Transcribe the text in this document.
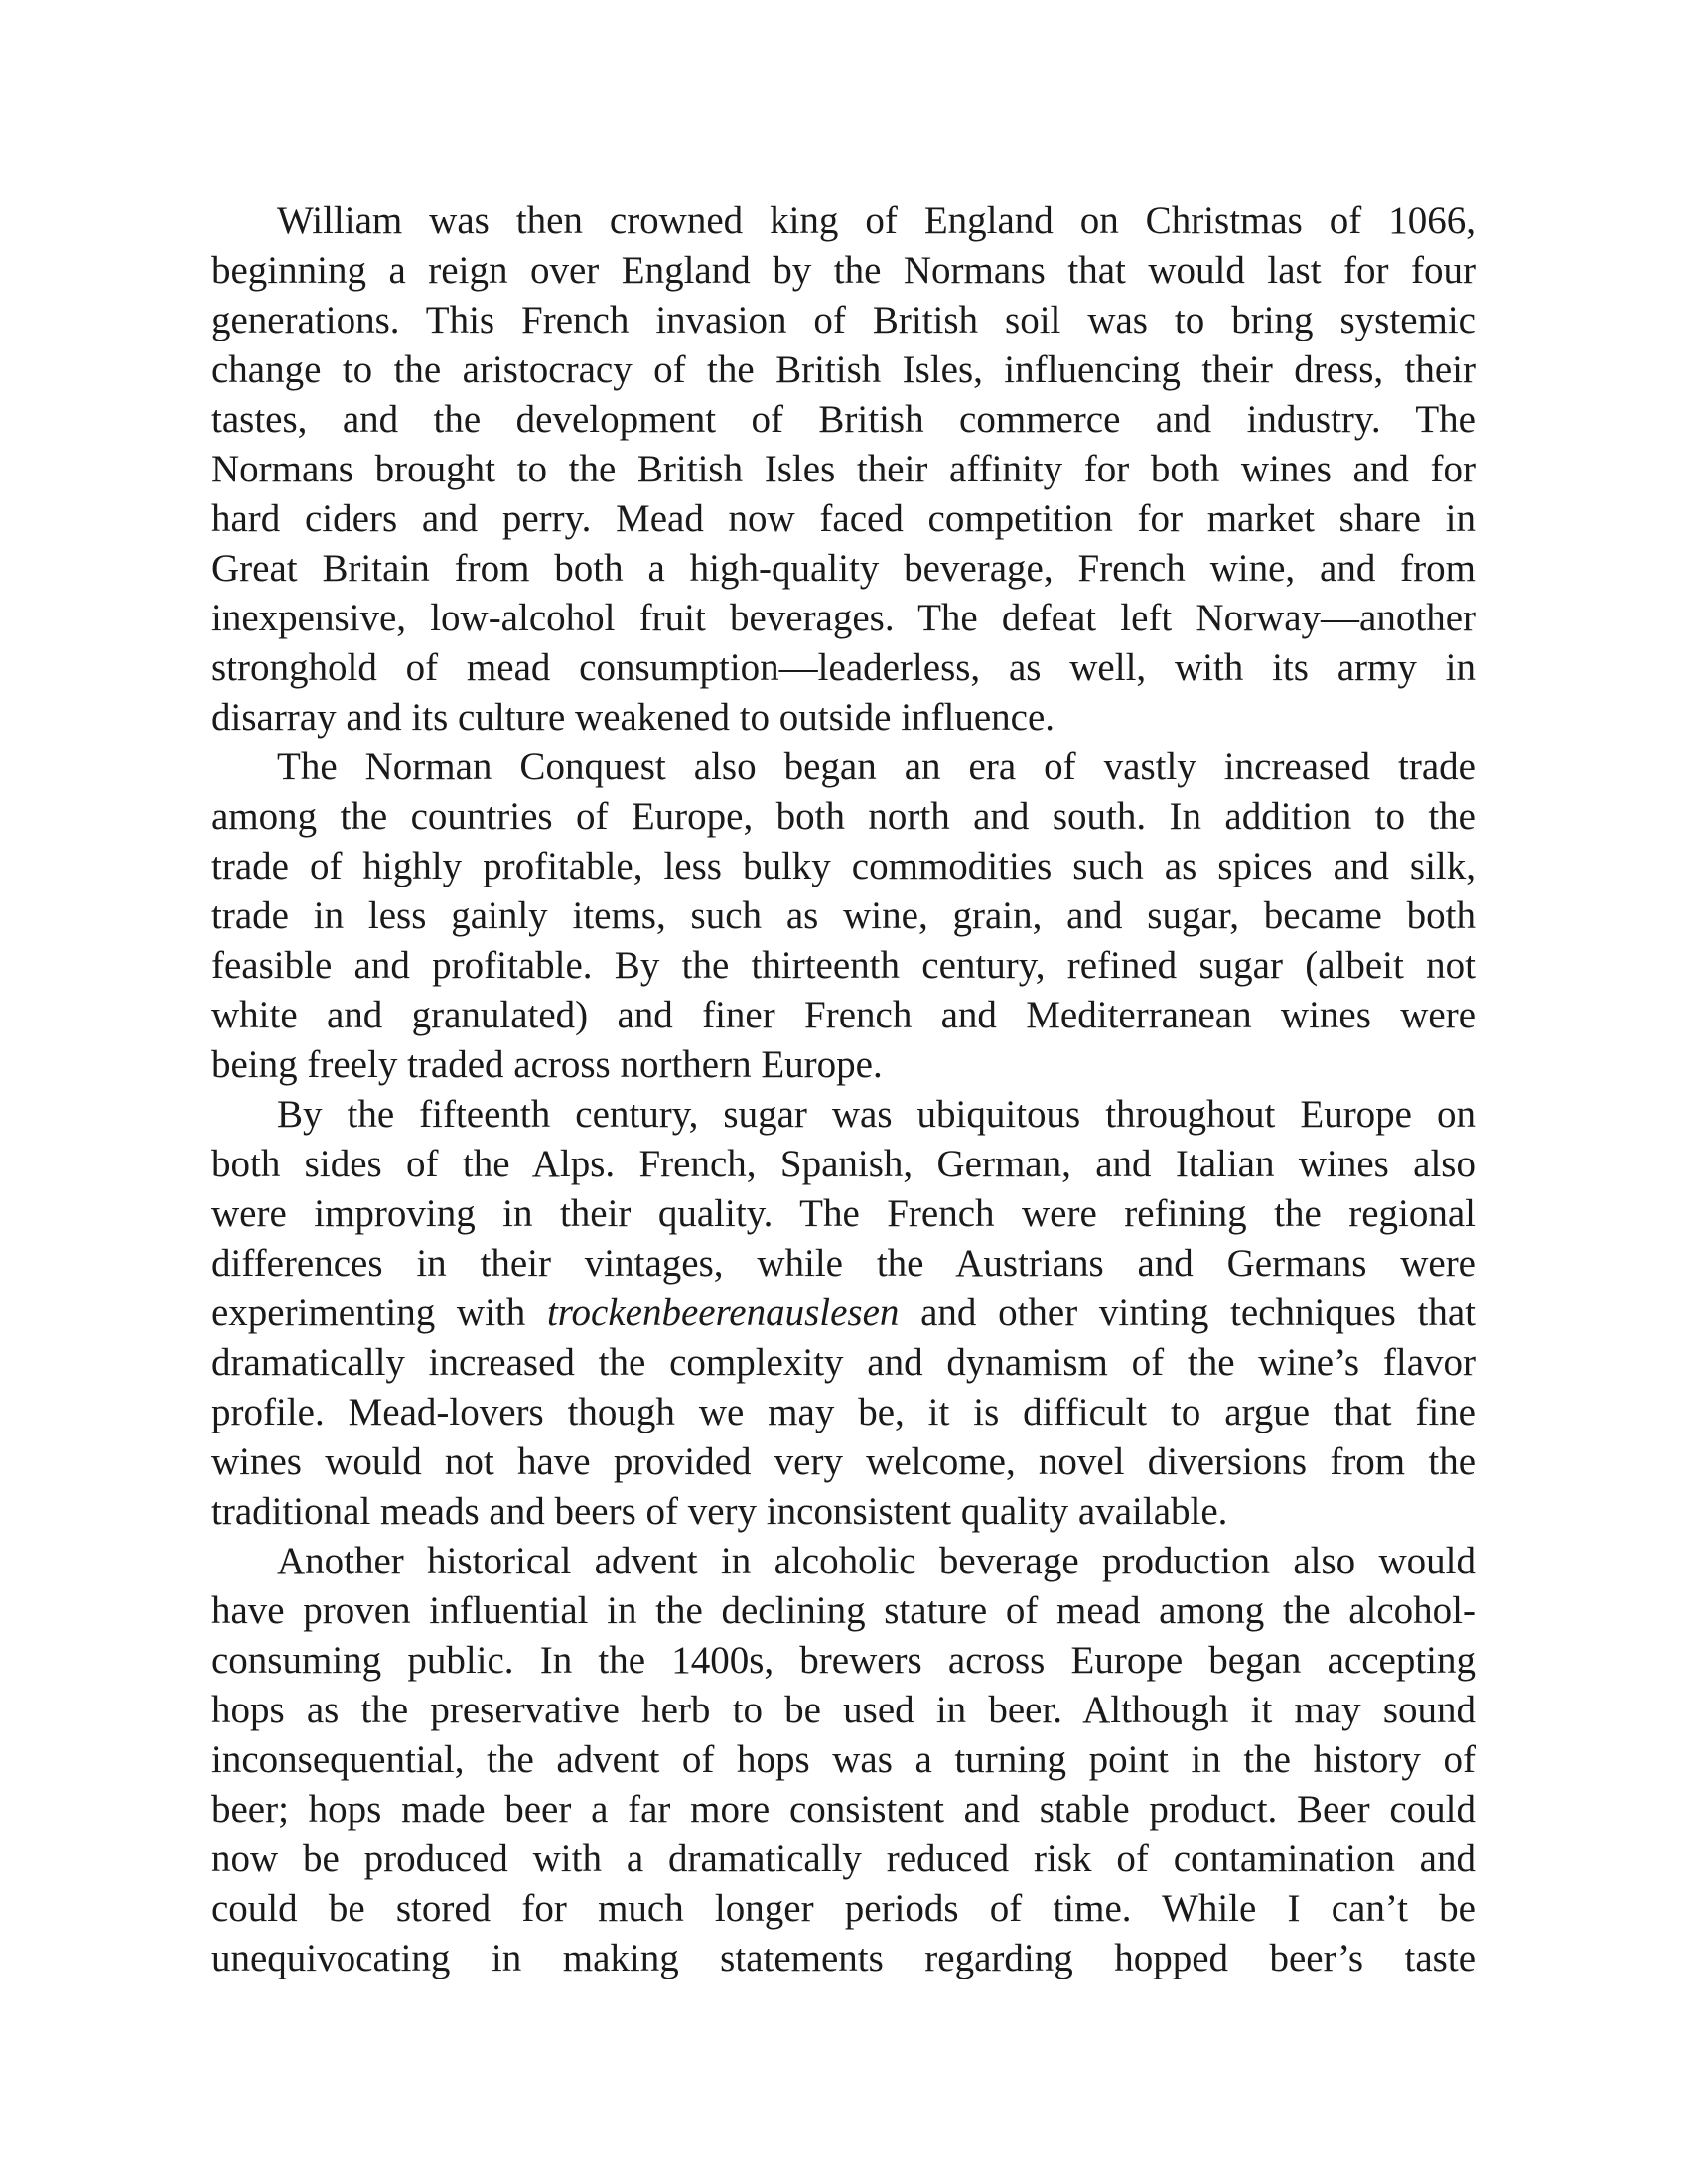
William was then crowned king of England on Christmas of 1066,
beginning a reign over England by the Normans that would last for four
generations. This French invasion of British soil was to bring systemic
change to the aristocracy of the British Isles, influencing their dress, their
tastes, and the development of British commerce and industry. The
Normans brought to the British Isles their affinity for both wines and for
hard ciders and perry. Mead now faced competition for market share in
Great Britain from both a high-quality beverage, French wine, and from
inexpensive, low-alcohol fruit beverages. The defeat left Norway—another
stronghold of mead consumption—leaderless, as well, with its army in
disarray and its culture weakened to outside influence.
The Norman Conquest also began an era of vastly increased trade
among the countries of Europe, both north and south. In addition to the
trade of highly profitable, less bulky commodities such as spices and silk,
trade in less gainly items, such as wine, grain, and sugar, became both
feasible and profitable. By the thirteenth century, refined sugar (albeit not
white and granulated) and finer French and Mediterranean wines were
being freely traded across northern Europe.
By the fifteenth century, sugar was ubiquitous throughout Europe on
both sides of the Alps. French, Spanish, German, and Italian wines also
were improving in their quality. The French were refining the regional
differences in their vintages, while the Austrians and Germans were
experimenting with trockenbeerenauslesen and other vinting techniques that
dramatically increased the complexity and dynamism of the wine’s flavor
profile. Mead-lovers though we may be, it is difficult to argue that fine
wines would not have provided very welcome, novel diversions from the
traditional meads and beers of very inconsistent quality available.
Another historical advent in alcoholic beverage production also would
have proven influential in the declining stature of mead among the alcohol-
consuming public. In the 1400s, brewers across Europe began accepting
hops as the preservative herb to be used in beer. Although it may sound
inconsequential, the advent of hops was a turning point in the history of
beer; hops made beer a far more consistent and stable product. Beer could
now be produced with a dramatically reduced risk of contamination and
could be stored for much longer periods of time. While I can’t be
unequivocating in making statements regarding hopped beer’s taste
